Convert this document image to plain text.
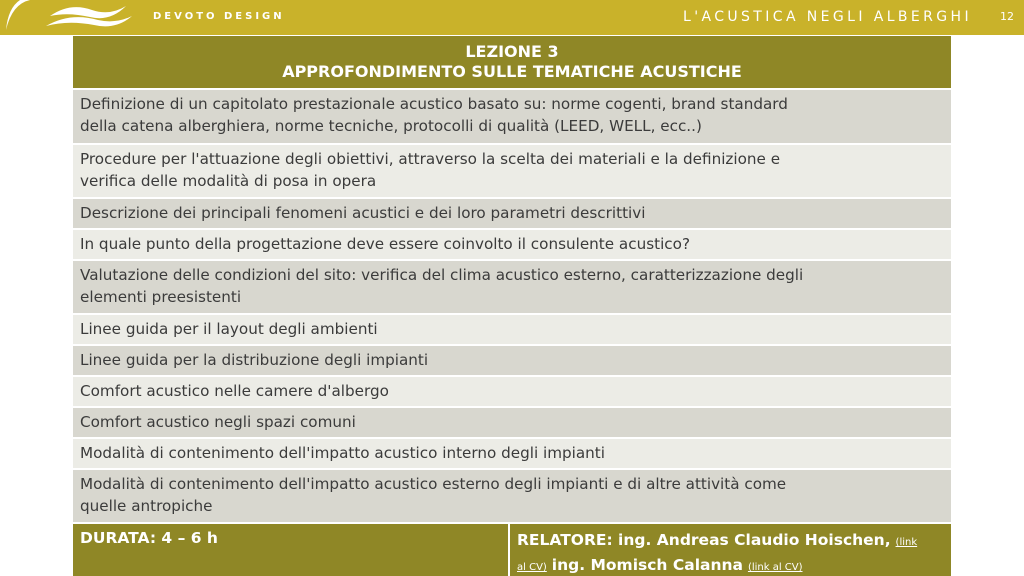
DEVOTO DESIGN	L'ACUSTICA NEGLI ALBERGHI	12
LEZIONE 3
APPROFONDIMENTO SULLE TEMATICHE ACUSTICHE
Definizione di un capitolato prestazionale acustico basato su: norme cogenti, brand standard
della catena alberghiera, norme tecniche, protocolli di qualità (LEED, WELL, ecc..)
Procedure per l'attuazione degli obiettivi, attraverso la scelta dei materiali e la definizione e
verifica delle modalità di posa in opera
Descrizione dei principali fenomeni acustici e dei loro parametri descrittivi
In quale punto della progettazione deve essere coinvolto il consulente acustico?
Valutazione delle condizioni del sito: verifica del clima acustico esterno, caratterizzazione degli
elementi preesistenti
Linee guida per il layout degli ambienti
Linee guida per la distribuzione degli impianti
Comfort acustico nelle camere d'albergo
Comfort acustico negli spazi comuni
Modalità di contenimento dell'impatto acustico interno degli impianti
Modalità di contenimento dell'impatto acustico esterno degli impianti e di altre attività come
quelle antropiche
DURATA: 4 – 6 h	RELATORE: ing. Andreas Claudio Hoischen, (link
al CV) ing. Momisch Calanna (link al CV)
